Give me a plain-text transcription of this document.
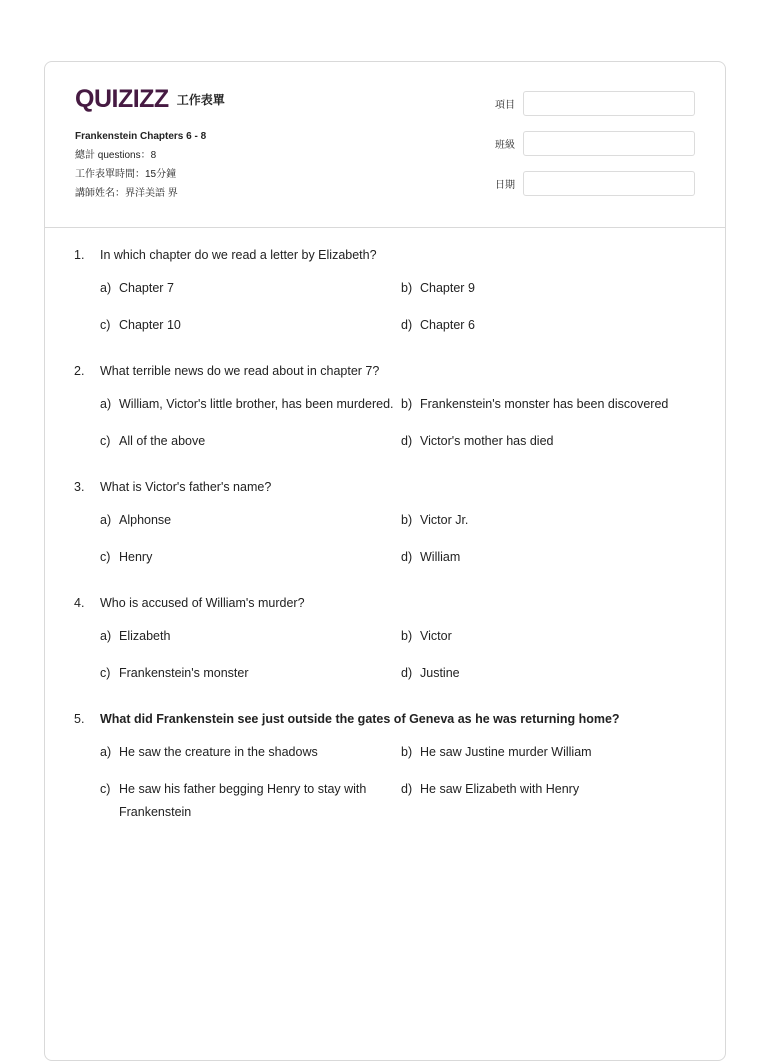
QUIZIZZ 工作表單
Frankenstein Chapters 6 - 8
總計 questions：8
工作表單時間：15分鐘
講師姓名：界洋美語 界
項目
班級
日期
1.	In which chapter do we read a letter by Elizabeth?
a) Chapter 7	b) Chapter 9
c) Chapter 10	d) Chapter 6
2.	What terrible news do we read about in chapter 7?
a) William, Victor's little brother, has been murdered. b) Frankenstein's monster has been discovered
c) All of the above	d) Victor's mother has died
3.	What is Victor's father's name?
a) Alphonse	b) Victor Jr.
c) Henry	d) William
4.	Who is accused of William's murder?
a) Elizabeth	b) Victor
c) Frankenstein's monster	d) Justine
5.	What did Frankenstein see just outside the gates of Geneva as he was returning home?
a) He saw the creature in the shadows	b) He saw Justine murder William
c) He saw his father begging Henry to stay with Frankenstein
d) He saw Elizabeth with Henry
